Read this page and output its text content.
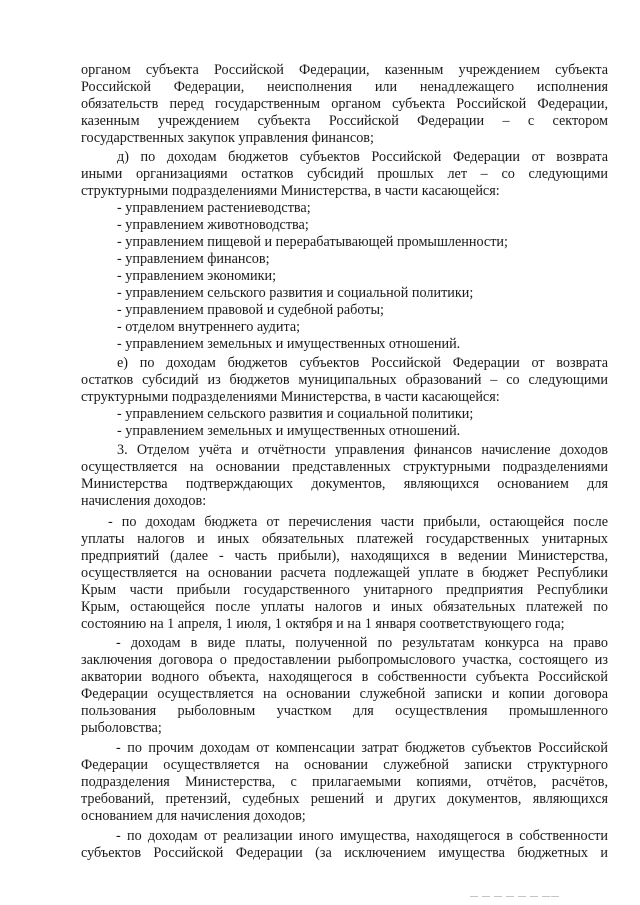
органом субъекта Российской Федерации, казенным учреждением субъекта
Российской Федерации, неисполнения или ненадлежащего исполнения
обязательств перед государственным органом субъекта Российской Федерации,
казенным учреждением субъекта Российской Федерации – с сектором
государственных закупок управления финансов;
д) по доходам бюджетов субъектов Российской Федерации от возврата
иными организациями остатков субсидий прошлых лет – со следующими
структурными подразделениями Министерства, в части касающейся:
- управлением растениеводства;
- управлением животноводства;
- управлением пищевой и перерабатывающей промышленности;
- управлением финансов;
- управлением экономики;
- управлением сельского развития и социальной политики;
- управлением правовой и судебной работы;
- отделом внутреннего аудита;
- управлением земельных и имущественных отношений.
е) по доходам бюджетов субъектов Российской Федерации от возврата
остатков субсидий из бюджетов муниципальных образований – со следующими
структурными подразделениями Министерства, в части касающейся:
- управлением сельского развития и социальной политики;
- управлением земельных и имущественных отношений.
3. Отделом учёта и отчётности управления финансов начисление доходов
осуществляется на основании представленных структурными подразделениями
Министерства подтверждающих документов, являющихся основанием для
начисления доходов:
- по доходам бюджета от перечисления части прибыли, остающейся после
уплаты налогов и иных обязательных платежей государственных унитарных
предприятий (далее - часть прибыли), находящихся в ведении Министерства,
осуществляется на основании расчета подлежащей уплате в бюджет Республики
Крым части прибыли государственного унитарного предприятия Республики
Крым, остающейся после уплаты налогов и иных обязательных платежей по
состоянию на 1 апреля, 1 июля, 1 октября и на 1 января соответствующего года;
- доходам в виде платы, полученной по результатам конкурса на право
заключения договора о предоставлении рыбопромыслового участка, состоящего из
акватории водного объекта, находящегося в собственности субъекта Российской
Федерации осуществляется на основании служебной записки и копии договора
пользования рыболовным участком для осуществления промышленного
рыболовства;
- по прочим доходам от компенсации затрат бюджетов субъектов Российской
Федерации осуществляется на основании служебной записки структурного
подразделения Министерства, с прилагаемыми копиями, отчётов, расчётов,
требований, претензий, судебных решений и других документов, являющихся
основанием для начисления доходов;
- по доходам от реализации иного имущества, находящегося в собственности
субъектов Российской Федерации (за исключением имущества бюджетных и
— — — — — — ——
